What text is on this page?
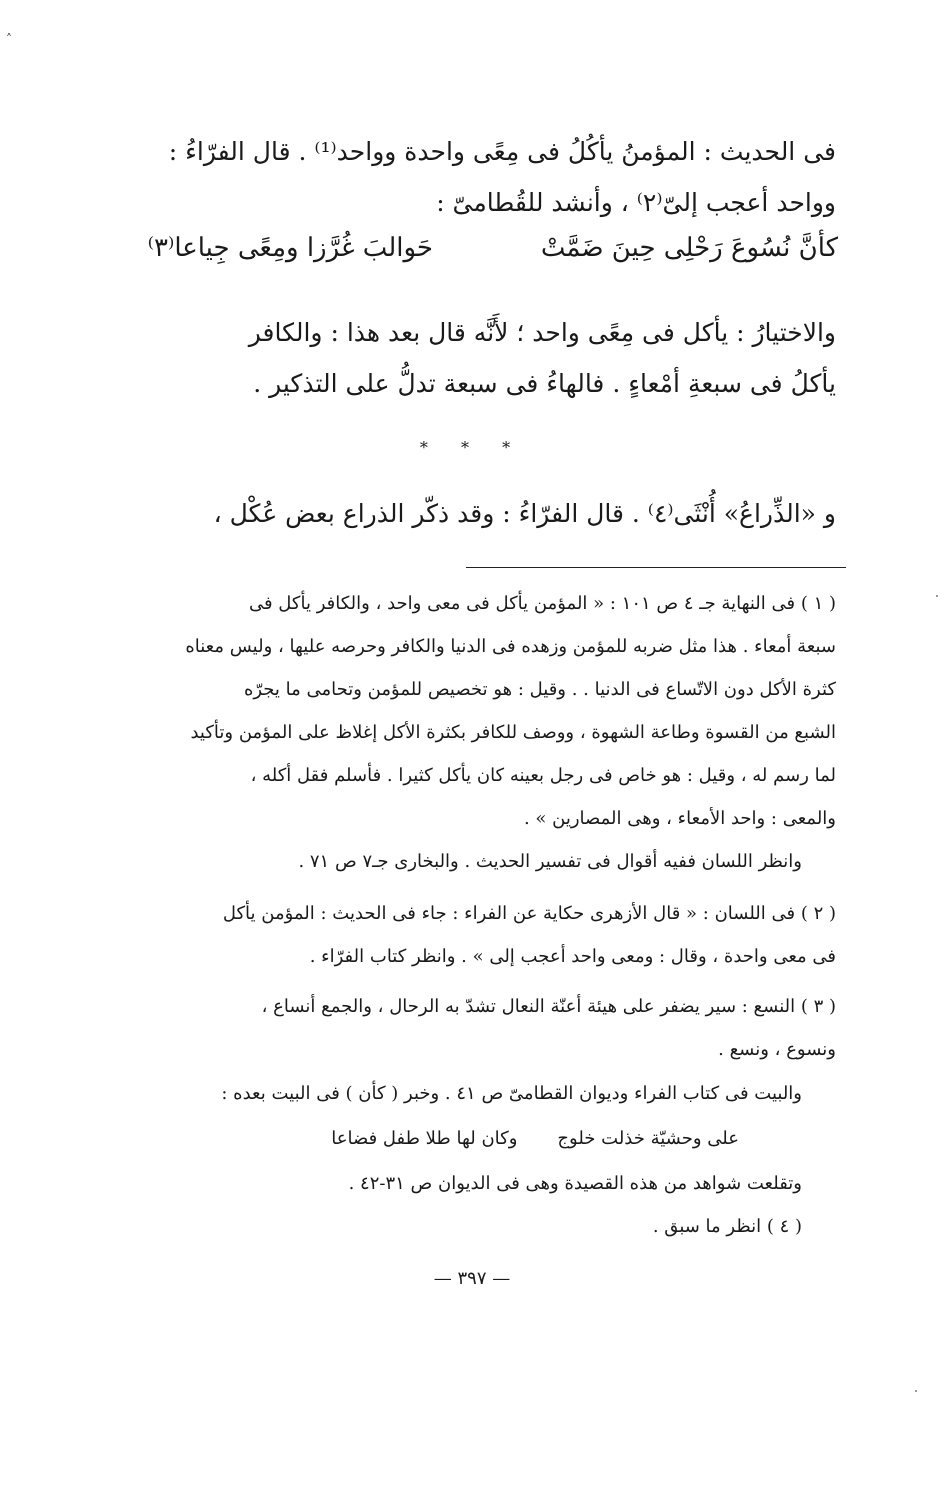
˄
فى الحديث : المؤمنُ يأكُلُ فى مِعًى واحدة وواحد⁽¹⁾ . قال الفرّاءُ :
وواحد أعجب إلىّ⁽٢⁾ ، وأنشد للقُطامىّ :
كأنَّ نُسُوعَ رَحْلِى حِينَ ضَمَّتْ
حَوالبَ غُرَّزا ومِعًى جِياعا⁽٣⁾
والاختيارُ : يأكل فى مِعًى واحد ؛ لأَنَّه قال بعد هذا : والكافر
يأكلُ فى سبعةِ أمْعاءٍ . فالهاءُ فى سبعة تدلُّ على التذكير .
* * *
و «الذِّراعُ» أُنْثَى⁽٤⁾ . قال الفرّاءُ : وقد ذكّر الذراع بعض عُكْل ،
( ١ ) فى النهاية جـ ٤ ص ١٠١ : « المؤمن يأكل فى معى واحد ، والكافر يأكل فى
سبعة أمعاء . هذا مثل ضربه للمؤمن وزهده فى الدنيا والكافر وحرصه عليها ، وليس معناه
كثرة الأكل دون الاتّساع فى الدنيا . . وقيل : هو تخصيص للمؤمن وتحامى ما يجرّه
الشبع من القسوة وطاعة الشهوة ، ووصف للكافر بكثرة الأكل إغلاظ على المؤمن وتأكيد
لما رسم له ، وقيل : هو خاص فى رجل بعينه كان يأكل كثيرا . فأسلم فقل أكله ،
والمعى : واحد الأمعاء ، وهى المصارين » .
وانظر اللسان ففيه أقوال فى تفسير الحديث . والبخارى جـ٧ ص ٧١ .
( ٢ ) فى اللسان : « قال الأزهرى حكاية عن الفراء : جاء فى الحديث : المؤمن يأكل
فى معى واحدة ، وقال : ومعى واحد أعجب إلى » . وانظر كتاب الفرّاء .
( ٣ ) النسع : سير يضفر على هيئة أعنّة النعال تشدّ به الرحال ، والجمع أنساع ،
ونسوع ، ونسع .
والبيت فى كتاب الفراء وديوان القطامىّ ص ٤١ . وخبر ( كأن ) فى البيت بعده :
على وحشيّة خذلت خلوجوكان لها طلا طفل فضاعا
وتقلعت شواهد من هذه القصيدة وهى فى الديوان ص ٣١-٤٢ .
( ٤ ) انظر ما سبق .
— ٣٩٧ —
